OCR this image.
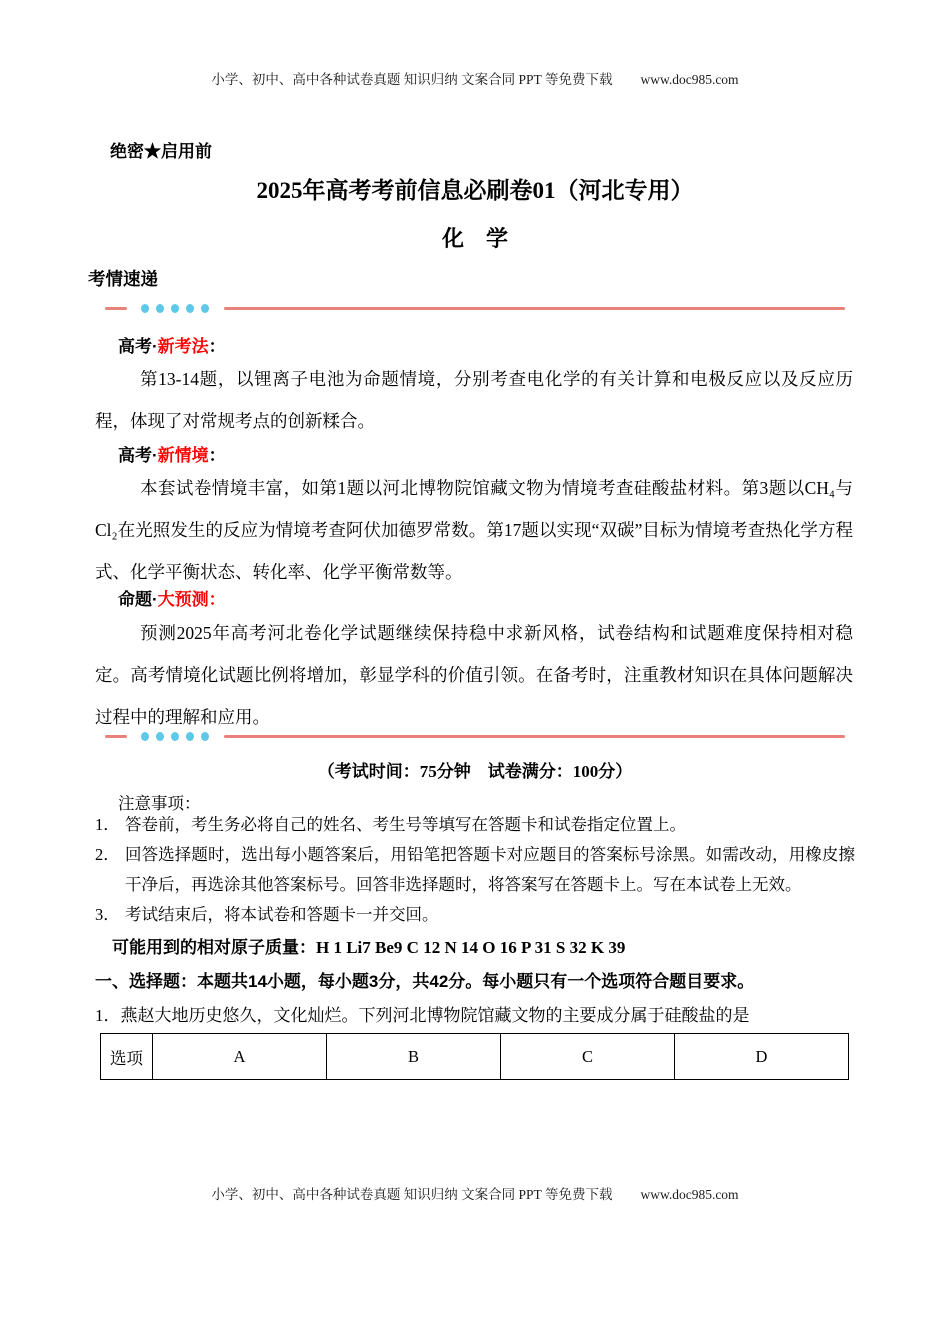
小学、初中、高中各种试卷真题 知识归纳 文案合同 PPT 等免费下载 www.doc985.com
绝密★启用前
2025年高考考前信息必刷卷01（河北专用）
化　学
考情速递
高考·新考法：

第13-14题，以锂离子电池为命题情境，分别考查电化学的有关计算和电极反应以及反应历程，体现了对常规考点的创新糅合。

高考·新情境：

本套试卷情境丰富，如第1题以河北博物院馆藏文物为情境考查硅酸盐材料。第3题以CH₄与Cl₂在光照发生的反应为情境考查阿伏加德罗常数。第17题以实现“双碳”目标为情境考查热化学方程式、化学平衡状态、转化率、化学平衡常数等。

命题·大预测：

预测2025年高考河北卷化学试题继续保持稳中求新风格，试卷结构和试题难度保持相对稳定。高考情境化试题比例将增加，彰显学科的价值引领。在备考时，注重教材知识在具体问题解决过程中的理解和应用。

（考试时间：75分钟　试卷满分：100分）
注意事项：
1． 答卷前，考生务必将自己的姓名、考生号等填写在答题卡和试卷指定位置上。
2． 回答选择题时，选出每小题答案后，用铅笔把答题卡对应题目的答案标号涂黑。如需改动，用橡皮擦干净后，再选涂其他答案标号。回答非选择题时，将答案写在答题卡上。写在本试卷上无效。
3． 考试结束后，将本试卷和答题卡一并交回。
可能用到的相对原子质量：H 1 Li7 Be9 C 12 N 14 O 16 P 31 S 32 K 39
一、选择题：本题共14小题，每小题3分，共42分。每小题只有一个选项符合题目要求。
1．燕赵大地历史悠久，文化灿烂。下列河北博物院馆藏文物的主要成分属于硅酸盐的是
选项	A	B	C	D
小学、初中、高中各种试卷真题 知识归纳 文案合同 PPT 等免费下载 www.doc985.com
